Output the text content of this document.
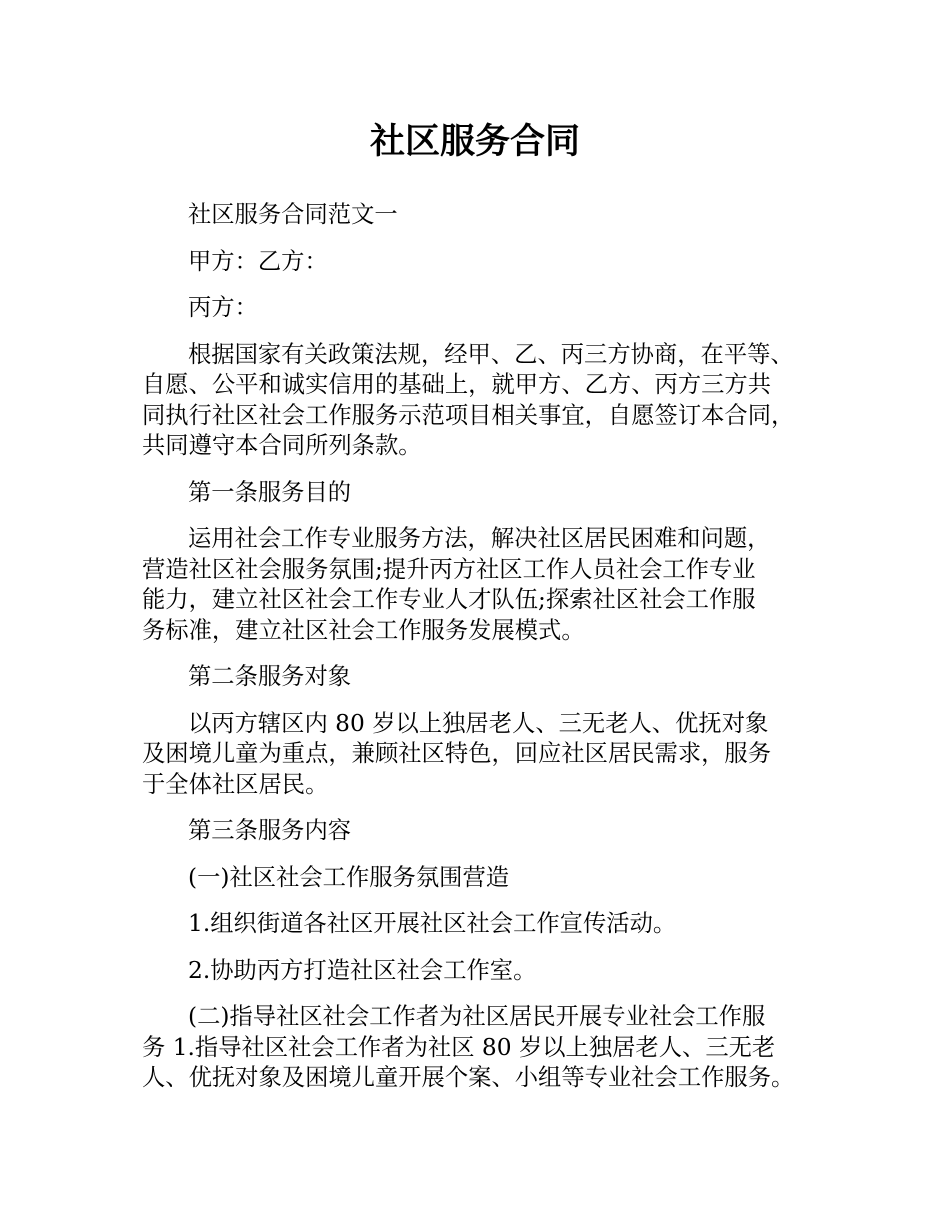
社区服务合同

社区服务合同范文一

甲方：乙方：

丙方：

根据国家有关政策法规，经甲、乙、丙三方协商，在平等、
自愿、公平和诚实信用的基础上，就甲方、乙方、丙方三方共
同执行社区社会工作服务示范项目相关事宜，自愿签订本合同，
共同遵守本合同所列条款。

第一条服务目的

运用社会工作专业服务方法，解决社区居民困难和问题，
营造社区社会服务氛围;提升丙方社区工作人员社会工作专业
能力，建立社区社会工作专业人才队伍;探索社区社会工作服
务标准，建立社区社会工作服务发展模式。

第二条服务对象

以丙方辖区内 80 岁以上独居老人、三无老人、优抚对象
及困境儿童为重点，兼顾社区特色，回应社区居民需求，服务
于全体社区居民。

第三条服务内容

(一)社区社会工作服务氛围营造

1.组织街道各社区开展社区社会工作宣传活动。

2.协助丙方打造社区社会工作室。

(二)指导社区社会工作者为社区居民开展专业社会工作服
务 1.指导社区社会工作者为社区 80 岁以上独居老人、三无老
人、优抚对象及困境儿童开展个案、小组等专业社会工作服务。
